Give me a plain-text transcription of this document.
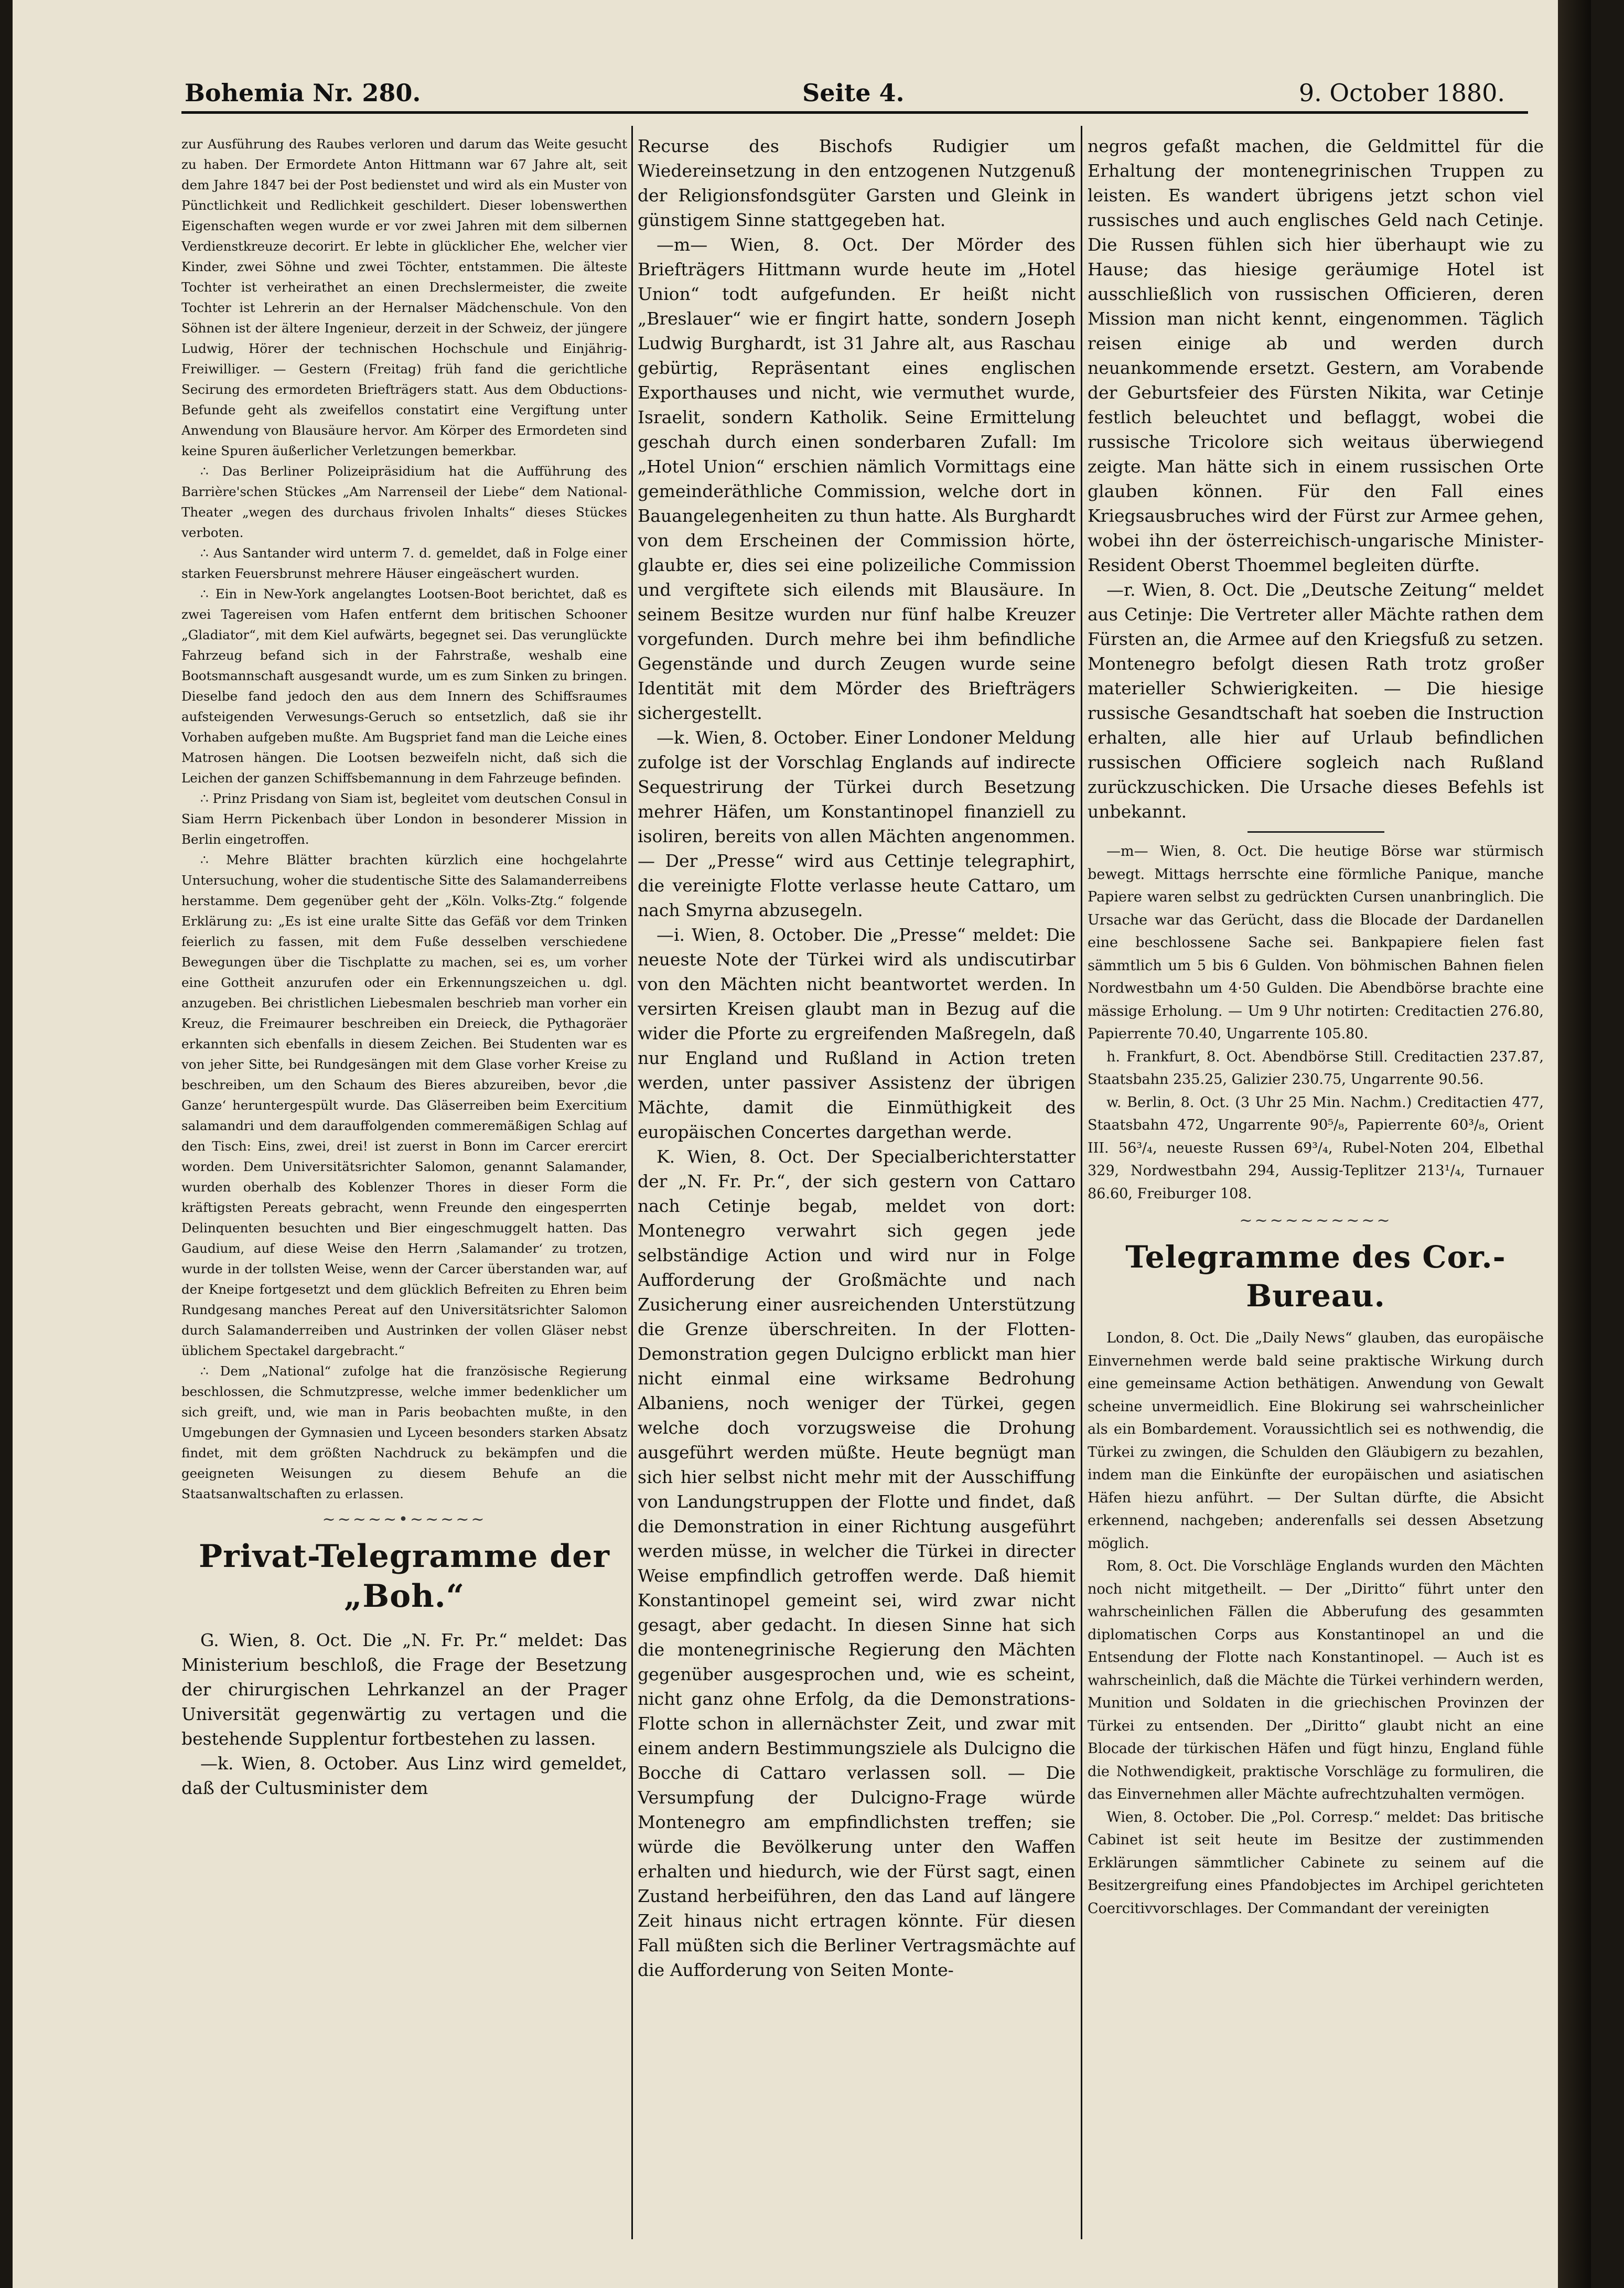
Bohemia Nr. 280.	Seite 4.	9. October 1880.

zur Ausführung des Raubes verloren und darum das Weite gesucht zu haben. Der Ermordete Anton Hittmann war 67 Jahre alt, seit dem Jahre 1847 bei der Post bedienstet und wird als ein Muster von Pünctlichkeit und Redlichkeit geschildert. Dieser lobenswerthen Eigenschaften wegen wurde er vor zwei Jahren mit dem silbernen Verdienstkreuze decorirt. Er lebte in glücklicher Ehe, welcher vier Kinder, zwei Söhne und zwei Töchter, entstammen. Die älteste Tochter ist verheirathet an einen Drechslermeister, die zweite Tochter ist Lehrerin an der Hernalser Mädchenschule. Von den Söhnen ist der ältere Ingenieur, derzeit in der Schweiz, der jüngere Ludwig, Hörer der technischen Hochschule und Einjährig-Freiwilliger. — Gestern (Freitag) früh fand die gerichtliche Secirung des ermordeten Briefträgers statt. Aus dem Obductions-Befunde geht als zweifellos constatirt eine Vergiftung unter Anwendung von Blausäure hervor. Am Körper des Ermordeten sind keine Spuren äußerlicher Verletzungen bemerkbar.

∴ Das Berliner Polizeipräsidium hat die Aufführung des Barrière'schen Stückes „Am Narrenseil der Liebe“ dem National-Theater „wegen des durchaus frivolen Inhalts“ dieses Stückes verboten.

∴ Aus Santander wird unterm 7. d. gemeldet, daß in Folge einer starken Feuersbrunst mehrere Häuser eingeäschert wurden.

∴ Ein in New-York angelangtes Lootsen-Boot berichtet, daß es zwei Tagereisen vom Hafen entfernt dem britischen Schooner „Gladiator“, mit dem Kiel aufwärts, begegnet sei. Das verunglückte Fahrzeug befand sich in der Fahrstraße, weshalb eine Bootsmannschaft ausgesandt wurde, um es zum Sinken zu bringen. Dieselbe fand jedoch den aus dem Innern des Schiffsraumes aufsteigenden Verwesungs-Geruch so entsetzlich, daß sie ihr Vorhaben aufgeben mußte. Am Bugspriet fand man die Leiche eines Matrosen hängen. Die Lootsen bezweifeln nicht, daß sich die Leichen der ganzen Schiffsbemannung in dem Fahrzeuge befinden.

∴ Prinz Prisdang von Siam ist, begleitet vom deutschen Consul in Siam Herrn Pickenbach über London in besonderer Mission in Berlin eingetroffen.

∴ Mehre Blätter brachten kürzlich eine hochgelahrte Untersuchung, woher die studentische Sitte des Salamanderreibens herstamme. Dem gegenüber geht der „Köln. Volks-Ztg.“ folgende Erklärung zu: „Es ist eine uralte Sitte das Gefäß vor dem Trinken feierlich zu fassen, mit dem Fuße desselben verschiedene Bewegungen über die Tischplatte zu machen, sei es, um vorher eine Gottheit anzurufen oder ein Erkennungszeichen u. dgl. anzugeben. Bei christlichen Liebesmalen beschrieb man vorher ein Kreuz, die Freimaurer beschreiben ein Dreieck, die Pythagoräer erkannten sich ebenfalls in diesem Zeichen. Bei Studenten war es von jeher Sitte, bei Rundgesängen mit dem Glase vorher Kreise zu beschreiben, um den Schaum des Bieres abzureiben, bevor ‚die Ganze‘ heruntergespült wurde. Das Gläserreiben beim Exercitium salamandri und dem darauffolgenden commeremäßigen Schlag auf den Tisch: Eins, zwei, drei! ist zuerst in Bonn im Carcer erercirt worden. Dem Universitätsrichter Salomon, genannt Salamander, wurden oberhalb des Koblenzer Thores in dieser Form die kräftigsten Pereats gebracht, wenn Freunde den eingesperrten Delinquenten besuchten und Bier eingeschmuggelt hatten. Das Gaudium, auf diese Weise den Herrn ‚Salamander‘ zu trotzen, wurde in der tollsten Weise, wenn der Carcer überstanden war, auf der Kneipe fortgesetzt und dem glücklich Befreiten zu Ehren beim Rundgesang manches Pereat auf den Universitätsrichter Salomon durch Salamanderreiben und Austrinken der vollen Gläser nebst üblichem Spectakel dargebracht.“

∴ Dem „National“ zufolge hat die französische Regierung beschlossen, die Schmutzpresse, welche immer bedenklicher um sich greift, und, wie man in Paris beobachten mußte, in den Umgebungen der Gymnasien und Lyceen besonders starken Absatz findet, mit dem größten Nachdruck zu bekämpfen und die geeigneten Weisungen zu diesem Behufe an die Staatsanwaltschaften zu erlassen.

∼∼∼∼∼•∼∼∼∼∼
Privat-Telegramme der „Boh.“

G. Wien, 8. Oct. Die „N. Fr. Pr.“ meldet: Das Ministerium beschloß, die Frage der Besetzung der chirurgischen Lehrkanzel an der Prager Universität gegenwärtig zu vertagen und die bestehende Supplentur fortbestehen zu lassen.

—k. Wien, 8. October. Aus Linz wird gemeldet, daß der Cultusminister dem

Recurse des Bischofs Rudigier um Wiedereinsetzung in den entzogenen Nutzgenuß der Religionsfondsgüter Garsten und Gleink in günstigem Sinne stattgegeben hat.

—m— Wien, 8. Oct. Der Mörder des Briefträgers Hittmann wurde heute im „Hotel Union“ todt aufgefunden. Er heißt nicht „Breslauer“ wie er fingirt hatte, sondern Joseph Ludwig Burghardt, ist 31 Jahre alt, aus Raschau gebürtig, Repräsentant eines englischen Exporthauses und nicht, wie vermuthet wurde, Israelit, sondern Katholik. Seine Ermittelung geschah durch einen sonderbaren Zufall: Im „Hotel Union“ erschien nämlich Vormittags eine gemeinderäthliche Commission, welche dort in Bauangelegenheiten zu thun hatte. Als Burghardt von dem Erscheinen der Commission hörte, glaubte er, dies sei eine polizeiliche Commission und vergiftete sich eilends mit Blausäure. In seinem Besitze wurden nur fünf halbe Kreuzer vorgefunden. Durch mehre bei ihm befindliche Gegenstände und durch Zeugen wurde seine Identität mit dem Mörder des Briefträgers sichergestellt.

—k. Wien, 8. October. Einer Londoner Meldung zufolge ist der Vorschlag Englands auf indirecte Sequestrirung der Türkei durch Besetzung mehrer Häfen, um Konstantinopel finanziell zu isoliren, bereits von allen Mächten angenommen. — Der „Presse“ wird aus Cettinje telegraphirt, die vereinigte Flotte verlasse heute Cattaro, um nach Smyrna abzusegeln.

—i. Wien, 8. October. Die „Presse“ meldet: Die neueste Note der Türkei wird als undiscutirbar von den Mächten nicht beantwortet werden. In versirten Kreisen glaubt man in Bezug auf die wider die Pforte zu ergreifenden Maßregeln, daß nur England und Rußland in Action treten werden, unter passiver Assistenz der übrigen Mächte, damit die Einmüthigkeit des europäischen Concertes dargethan werde.

K. Wien, 8. Oct. Der Specialberichterstatter der „N. Fr. Pr.“, der sich gestern von Cattaro nach Cetinje begab, meldet von dort: Montenegro verwahrt sich gegen jede selbständige Action und wird nur in Folge Aufforderung der Großmächte und nach Zusicherung einer ausreichenden Unterstützung die Grenze überschreiten. In der Flotten-Demonstration gegen Dulcigno erblickt man hier nicht einmal eine wirksame Bedrohung Albaniens, noch weniger der Türkei, gegen welche doch vorzugsweise die Drohung ausgeführt werden müßte. Heute begnügt man sich hier selbst nicht mehr mit der Ausschiffung von Landungstruppen der Flotte und findet, daß die Demonstration in einer Richtung ausgeführt werden müsse, in welcher die Türkei in directer Weise empfindlich getroffen werde. Daß hiemit Konstantinopel gemeint sei, wird zwar nicht gesagt, aber gedacht. In diesen Sinne hat sich die montenegrinische Regierung den Mächten gegenüber ausgesprochen und, wie es scheint, nicht ganz ohne Erfolg, da die Demonstrations-Flotte schon in allernächster Zeit, und zwar mit einem andern Bestimmungsziele als Dulcigno die Bocche di Cattaro verlassen soll. — Die Versumpfung der Dulcigno-Frage würde Montenegro am empfindlichsten treffen; sie würde die Bevölkerung unter den Waffen erhalten und hiedurch, wie der Fürst sagt, einen Zustand herbeiführen, den das Land auf längere Zeit hinaus nicht ertragen könnte. Für diesen Fall müßten sich die Berliner Vertragsmächte auf die Aufforderung von Seiten Monte-

negros gefaßt machen, die Geldmittel für die Erhaltung der montenegrinischen Truppen zu leisten. Es wandert übrigens jetzt schon viel russisches und auch englisches Geld nach Cetinje. Die Russen fühlen sich hier überhaupt wie zu Hause; das hiesige geräumige Hotel ist ausschließlich von russischen Officieren, deren Mission man nicht kennt, eingenommen. Täglich reisen einige ab und werden durch neuankommende ersetzt. Gestern, am Vorabende der Geburtsfeier des Fürsten Nikita, war Cetinje festlich beleuchtet und beflaggt, wobei die russische Tricolore sich weitaus überwiegend zeigte. Man hätte sich in einem russischen Orte glauben können. Für den Fall eines Kriegsausbruches wird der Fürst zur Armee gehen, wobei ihn der österreichisch-ungarische Minister-Resident Oberst Thoemmel begleiten dürfte.

—r. Wien, 8. Oct. Die „Deutsche Zeitung“ meldet aus Cetinje: Die Vertreter aller Mächte rathen dem Fürsten an, die Armee auf den Kriegsfuß zu setzen. Montenegro befolgt diesen Rath trotz großer materieller Schwierigkeiten. — Die hiesige russische Gesandtschaft hat soeben die Instruction erhalten, alle hier auf Urlaub befindlichen russischen Officiere sogleich nach Rußland zurückzuschicken. Die Ursache dieses Befehls ist unbekannt.

—m— Wien, 8. Oct. Die heutige Börse war stürmisch bewegt. Mittags herrschte eine förmliche Panique, manche Papiere waren selbst zu gedrückten Cursen unanbringlich. Die Ursache war das Gerücht, dass die Blocade der Dardanellen eine beschlossene Sache sei. Bankpapiere fielen fast sämmtlich um 5 bis 6 Gulden. Von böhmischen Bahnen fielen Nordwestbahn um 4·50 Gulden. Die Abendbörse brachte eine mässige Erholung. — Um 9 Uhr notirten: Creditactien 276.80, Papierrente 70.40, Ungarrente 105.80.

h. Frankfurt, 8. Oct. Abendbörse Still. Creditactien 237.87, Staatsbahn 235.25, Galizier 230.75, Ungarrente 90.56.

w. Berlin, 8. Oct. (3 Uhr 25 Min. Nachm.) Creditactien 477, Staatsbahn 472, Ungarrente 90⁵/₈, Papierrente 60³/₈, Orient III. 56³/₄, neueste Russen 69³/₄, Rubel-Noten 204, Elbethal 329, Nordwestbahn 294, Aussig-Teplitzer 213¹/₄, Turnauer 86.60, Freiburger 108.

∼∼∼∼∼∼∼∼∼∼
Telegramme des Cor.-Bureau.

London, 8. Oct. Die „Daily News“ glauben, das europäische Einvernehmen werde bald seine praktische Wirkung durch eine gemeinsame Action bethätigen. Anwendung von Gewalt scheine unvermeidlich. Eine Blokirung sei wahrscheinlicher als ein Bombardement. Voraussichtlich sei es nothwendig, die Türkei zu zwingen, die Schulden den Gläubigern zu bezahlen, indem man die Einkünfte der europäischen und asiatischen Häfen hiezu anführt. — Der Sultan dürfte, die Absicht erkennend, nachgeben; anderenfalls sei dessen Absetzung möglich.

Rom, 8. Oct. Die Vorschläge Englands wurden den Mächten noch nicht mitgetheilt. — Der „Diritto“ führt unter den wahrscheinlichen Fällen die Abberufung des gesammten diplomatischen Corps aus Konstantinopel an und die Entsendung der Flotte nach Konstantinopel. — Auch ist es wahrscheinlich, daß die Mächte die Türkei verhindern werden, Munition und Soldaten in die griechischen Provinzen der Türkei zu entsenden. Der „Diritto“ glaubt nicht an eine Blocade der türkischen Häfen und fügt hinzu, England fühle die Nothwendigkeit, praktische Vorschläge zu formuliren, die das Einvernehmen aller Mächte aufrechtzuhalten vermögen.

Wien, 8. October. Die „Pol. Corresp.“ meldet: Das britische Cabinet ist seit heute im Besitze der zustimmenden Erklärungen sämmtlicher Cabinete zu seinem auf die Besitzergreifung eines Pfandobjectes im Archipel gerichteten Coercitivvorschlages. Der Commandant der vereinigten
